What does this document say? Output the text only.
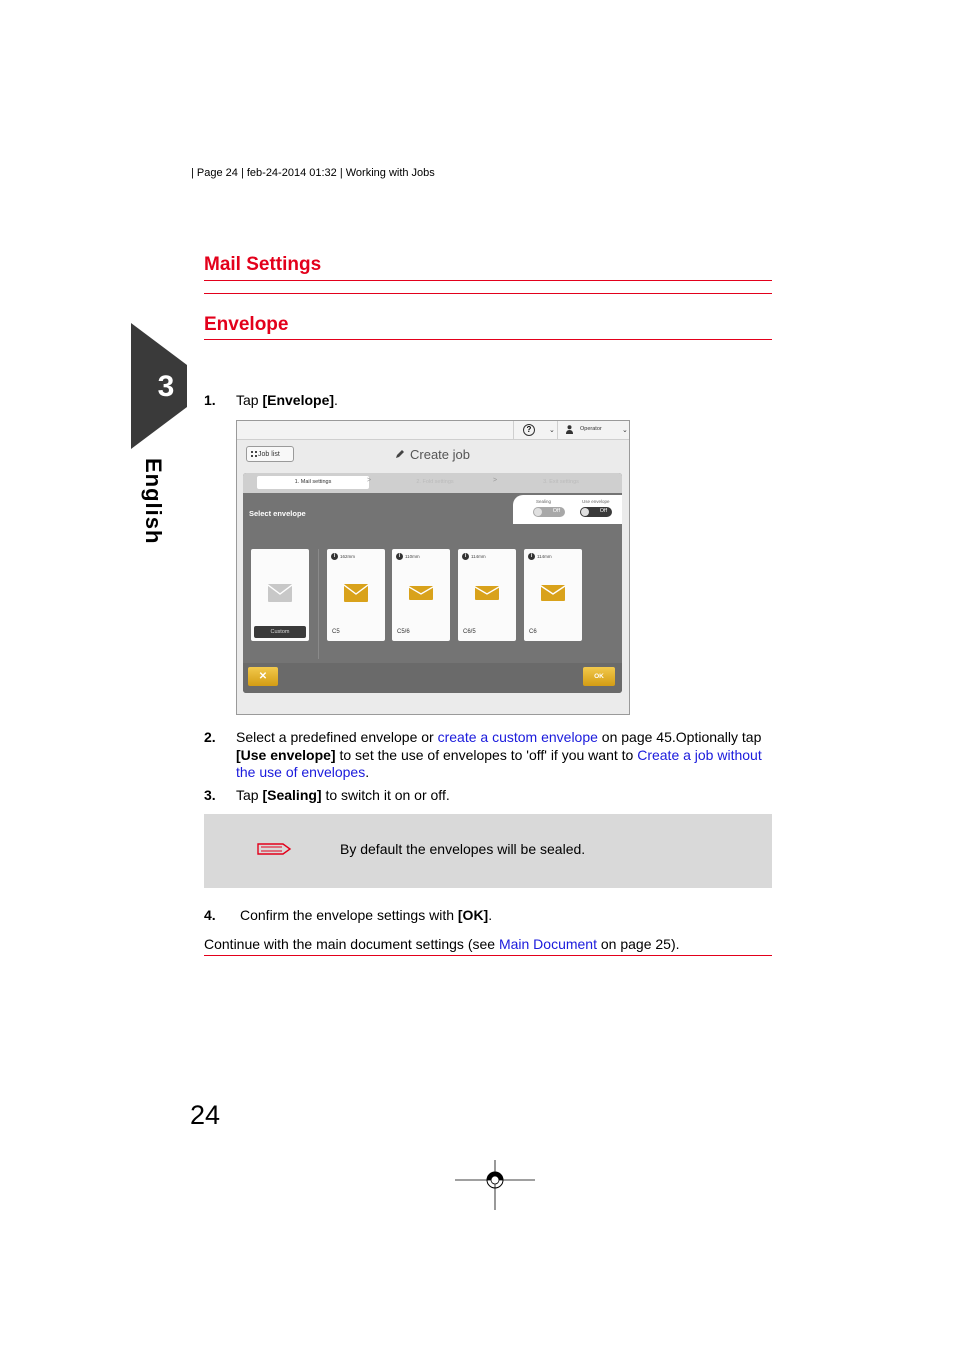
| Page 24 | feb-24-2014 01:32 | Working with Jobs
3
English
Mail Settings
Envelope
1. Tap [Envelope].
?	⌄	Operator	⌄
Job list	Create job
1. Mail settings	>	2. Fold settings	>	3. Exit settings
Select envelope
Sealing
Off
Use envelope
Off
Custom
i	162mm
C5
i	110mm
C5/6
i	114mm
C6/5
i	114mm
C6
✕	OK
2. Select a predefined envelope or create a custom envelope on page 45.Optionally tap [Use envelope] to set the use of envelopes to 'off' if you want to Create a job without the use of envelopes.
3. Tap [Sealing] to switch it on or off.
By default the envelopes will be sealed.
4. Confirm the envelope settings with [OK].
Continue with the main document settings (see Main Document on page 25).
24
